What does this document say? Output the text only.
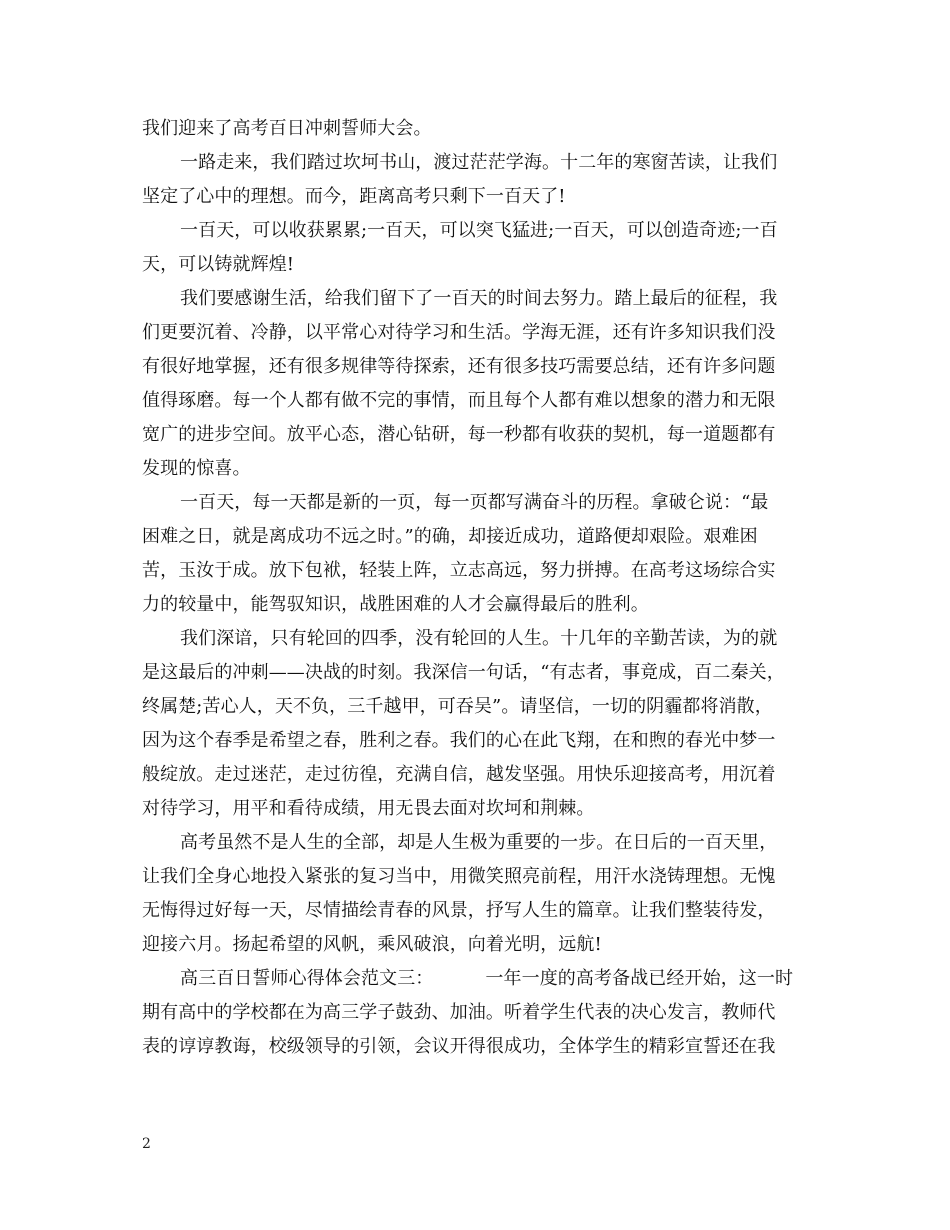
我们迎来了高考百日冲刺誓师大会。
一路走来，我们踏过坎坷书山，渡过茫茫学海。十二年的寒窗苦读，让我们
坚定了心中的理想。而今，距离高考只剩下一百天了!
一百天，可以收获累累;一百天，可以突飞猛进;一百天，可以创造奇迹;一百
天，可以铸就辉煌!
我们要感谢生活，给我们留下了一百天的时间去努力。踏上最后的征程，我
们更要沉着、冷静，以平常心对待学习和生活。学海无涯，还有许多知识我们没
有很好地掌握，还有很多规律等待探索，还有很多技巧需要总结，还有许多问题
值得琢磨。每一个人都有做不完的事情，而且每个人都有难以想象的潜力和无限
宽广的进步空间。放平心态，潜心钻研，每一秒都有收获的契机，每一道题都有
发现的惊喜。
一百天，每一天都是新的一页，每一页都写满奋斗的历程。拿破仑说：“最
困难之日，就是离成功不远之时。”的确，却接近成功，道路便却艰险。艰难困
苦，玉汝于成。放下包袱，轻装上阵，立志高远，努力拼搏。在高考这场综合实
力的较量中，能驾驭知识，战胜困难的人才会赢得最后的胜利。
我们深谙，只有轮回的四季，没有轮回的人生。十几年的辛勤苦读，为的就
是这最后的冲刺——决战的时刻。我深信一句话，“有志者，事竟成，百二秦关，
终属楚;苦心人，天不负，三千越甲，可吞吴”。请坚信，一切的阴霾都将消散，
因为这个春季是希望之春，胜利之春。我们的心在此飞翔，在和煦的春光中梦一
般绽放。走过迷茫，走过彷徨，充满自信，越发坚强。用快乐迎接高考，用沉着
对待学习，用平和看待成绩，用无畏去面对坎坷和荆棘。
高考虽然不是人生的全部，却是人生极为重要的一步。在日后的一百天里，
让我们全身心地投入紧张的复习当中，用微笑照亮前程，用汗水浇铸理想。无愧
无悔得过好每一天，尽情描绘青春的风景，抒写人生的篇章。让我们整装待发，
迎接六月。扬起希望的风帆，乘风破浪，向着光明，远航!
高三百日誓师心得体会范文三：	一年一度的高考备战已经开始，这一时
期有高中的学校都在为高三学子鼓劲、加油。听着学生代表的决心发言，教师代
表的谆谆教诲，校级领导的引领，会议开得很成功，全体学生的精彩宣誓还在我
2
